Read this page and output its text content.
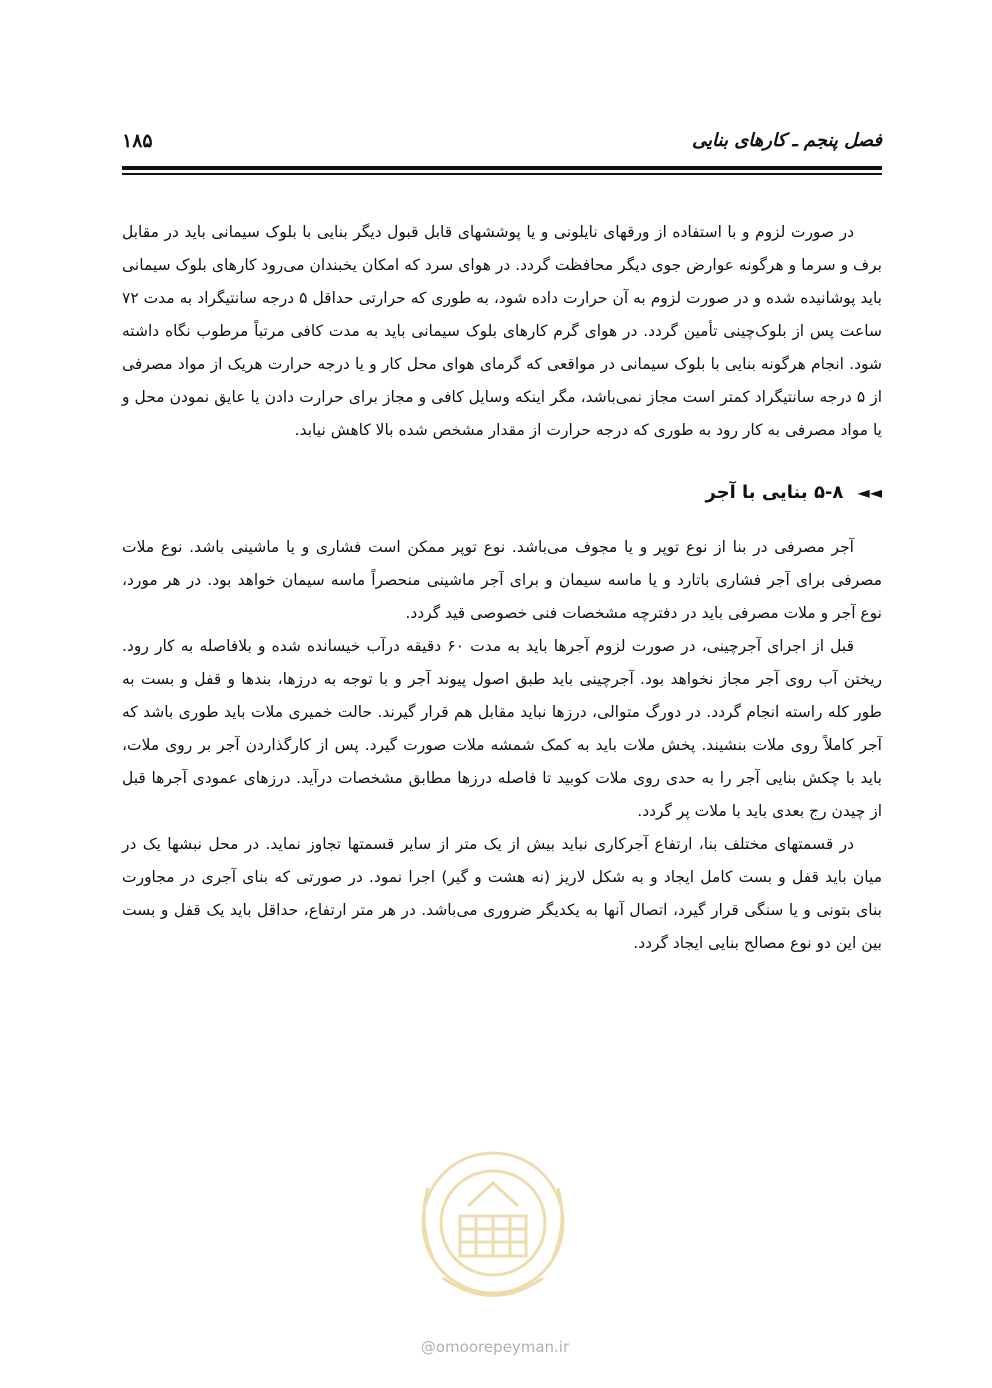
فصل پنجم ـ کارهای بنایی
۱۸۵

در صورت لزوم و با استفاده از ورقهای نایلونی و یا پوششهای قابل قبول دیگر بنایی با بلوک سیمانی باید در مقابل برف و سرما و هرگونه عوارض جوی دیگر محافظت گردد. در هوای سرد که امکان یخبندان می‌رود کارهای بلوک سیمانی باید پوشانیده شده و در صورت لزوم به آن حرارت داده شود، به طوری که حرارتی حداقل ۵ درجه سانتیگراد به مدت ۷۲ ساعت پس از بلوک‌چینی تأمین گردد. در هوای گرم کارهای بلوک سیمانی باید به مدت کافی مرتباً مرطوب نگاه داشته شود. انجام هرگونه بنایی با بلوک سیمانی در مواقعی که گرمای هوای محل کار و یا درجه حرارت هریک از مواد مصرفی از ۵ درجه سانتیگراد کمتر است مجاز نمی‌باشد، مگر اینکه وسایل کافی و مجاز برای حرارت دادن یا عایق نمودن محل و یا مواد مصرفی به کار رود به طوری که درجه حرارت از مقدار مشخص شده بالا کاهش نیابد.

◄◄۵-۸ بنایی با آجر

آجر مصرفی در بنا از نوع توپر و یا مجوف می‌باشد. نوع توپر ممکن است فشاری و یا ماشینی باشد. نوع ملات مصرفی برای آجر فشاری باتارد و یا ماسه سیمان و برای آجر ماشینی منحصراً ماسه سیمان خواهد بود. در هر مورد، نوع آجر و ملات مصرفی باید در دفترچه مشخصات فنی خصوصی قید گردد.

قبل از اجرای آجرچینی، در صورت لزوم آجرها باید به مدت ۶۰ دقیقه درآب خیسانده شده و بلافاصله به کار رود. ریختن آب روی آجر مجاز نخواهد بود. آجرچینی باید طبق اصول پیوند آجر و با توجه به درزها، بندها و قفل و بست به طور کله راسته انجام گردد. در دورگ متوالی، درزها نباید مقابل هم قرار گیرند. حالت خمیری ملات باید طوری باشد که آجر کاملاً روی ملات بنشیند. پخش ملات باید به کمک شمشه ملات صورت گیرد. پس از کارگذاردن آجر بر روی ملات، باید با چکش بنایی آجر را به حدی روی ملات کوبید تا فاصله درزها مطابق مشخصات درآید. درزهای عمودی آجرها قبل از چیدن رج بعدی باید با ملات پر گردد.

در قسمتهای مختلف بنا، ارتفاع آجرکاری نباید بیش از یک متر از سایر قسمتها تجاوز نماید. در محل نبشها یک در میان باید قفل و بست کامل ایجاد و به شکل لاریز (نه هشت و گیر) اجرا نمود. در صورتی که بنای آجری در مجاورت بنای بتونی و یا سنگی قرار گیرد، اتصال آنها به یکدیگر ضروری می‌باشد. در هر متر ارتفاع، حداقل باید یک قفل و بست بین این دو نوع مصالح بنایی ایجاد گردد.

@omoorepeyman.ir
